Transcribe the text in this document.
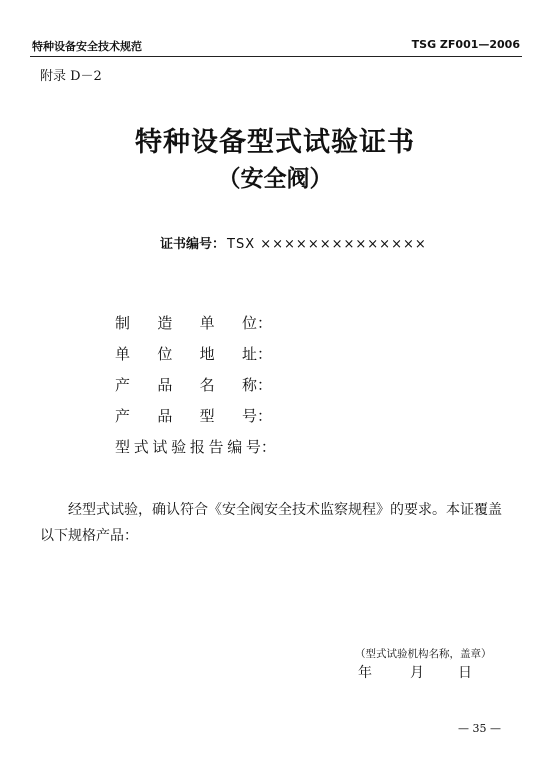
特种设备安全技术规范	TSG ZF001—2006
附录 D－2
特种设备型式试验证书
（安全阀）
证书编号： TSX ××××××××××××××
制 造 单 位：
单 位 地 址：
产 品 名 称：
产 品 型 号：
型 式 试 验 报 告 编 号：
经型式试验，确认符合《安全阀安全技术监察规程》的要求。本证覆盖以下规格产品：
（型式试验机构名称，盖章）
年	月 日
— 35 —
